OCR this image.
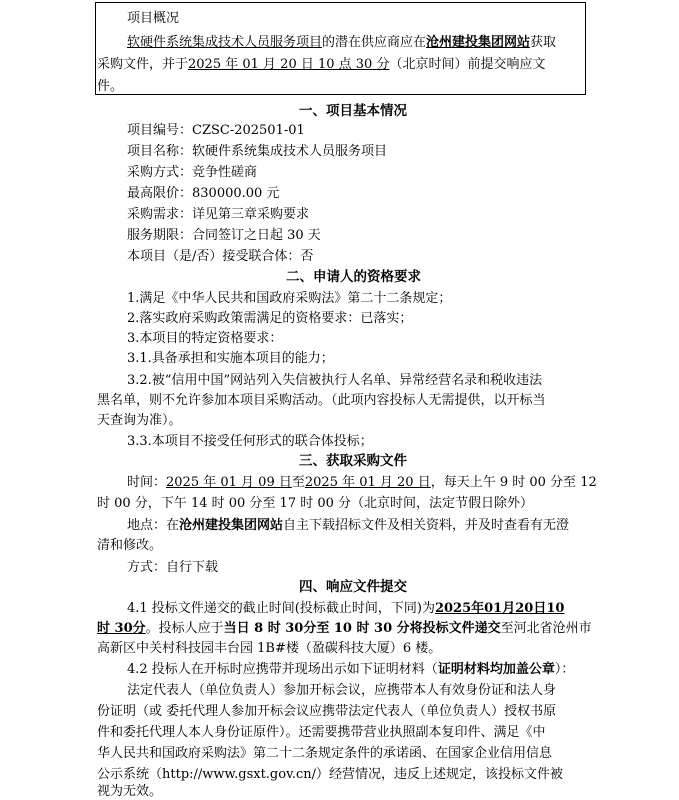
项目概况
软硬件系统集成技术人员服务项目的潜在供应商应在沧州建投集团网站获取
采购文件，并于2025 年 01 月 20 日 10 点 30 分（北京时间）前提交响应文
件。
一、项目基本情况
项目编号：CZSC-202501-01
项目名称：软硬件系统集成技术人员服务项目
采购方式：竞争性磋商
最高限价：830000.00 元
采购需求：详见第三章采购要求
服务期限：合同签订之日起 30 天
本项目（是/否）接受联合体：否
二、申请人的资格要求
1.满足《中华人民共和国政府采购法》第二十二条规定；
2.落实政府采购政策需满足的资格要求：已落实；
3.本项目的特定资格要求：
3.1.具备承担和实施本项目的能力；
3.2.被“信用中国”网站列入失信被执行人名单、异常经营名录和税收违法
黑名单，则不允许参加本项目采购活动。（此项内容投标人无需提供，以开标当
天查询为准）。
3.3.本项目不接受任何形式的联合体投标；
三、获取采购文件
时间：2025 年 01 月 09 日至2025 年 01 月 20 日，每天上午 9 时 00 分至 12
时 00 分，下午 14 时 00 分至 17 时 00 分（北京时间，法定节假日除外）
地点：在沧州建投集团网站自主下载招标文件及相关资料，并及时查看有无澄
清和修改。
方式：自行下载
四、响应文件提交
4.1 投标文件递交的截止时间(投标截止时间，下同)为2025年01月20日10
时 30分。投标人应于当日 8 时 30分至 10 时 30 分将投标文件递交至河北省沧州市
高新区中关村科技园丰台园 1B#楼（盈碳科技大厦）6 楼。
4.2 投标人在开标时应携带并现场出示如下证明材料（证明材料均加盖公章）：
法定代表人（单位负责人）参加开标会议，应携带本人有效身份证和法人身
份证明（或 委托代理人参加开标会议应携带法定代表人（单位负责人）授权书原
件和委托代理人本人身份证原件）。还需要携带营业执照副本复印件、满足《中
华人民共和国政府采购法》第二十二条规定条件的承诺函、在国家企业信用信息
公示系统（http://www.gsxt.gov.cn/）经营情况，违反上述规定，该投标文件被
视为无效。
